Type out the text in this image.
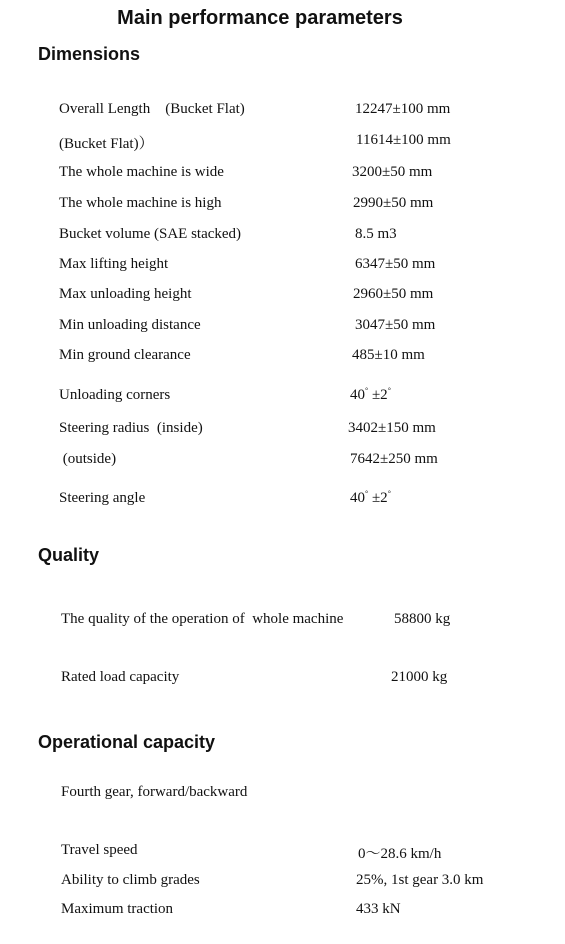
Main performance parameters
Dimensions
Overall Length    (Bucket Flat)	12247±100 mm
(Bucket Flat)）	11614±100 mm
The whole machine is wide	3200±50 mm
The whole machine is high	2990±50 mm
Bucket volume (SAE stacked)	8.5 m3
Max lifting height	6347±50 mm
Max unloading height	2960±50 mm
Min unloading distance	3047±50 mm
Min ground clearance	485±10 mm
Unloading corners	40° ±2°
Steering radius  (inside)	3402±150 mm
(outside)	7642±250 mm
Steering angle	40° ±2°
Quality
The quality of the operation of  whole machine	58800 kg
Rated load capacity	21000 kg
Operational capacity
Fourth gear, forward/backward
Travel speed	0～28.6 km/h
Ability to climb grades	25%, 1st gear 3.0 km
Maximum traction	433 kN
